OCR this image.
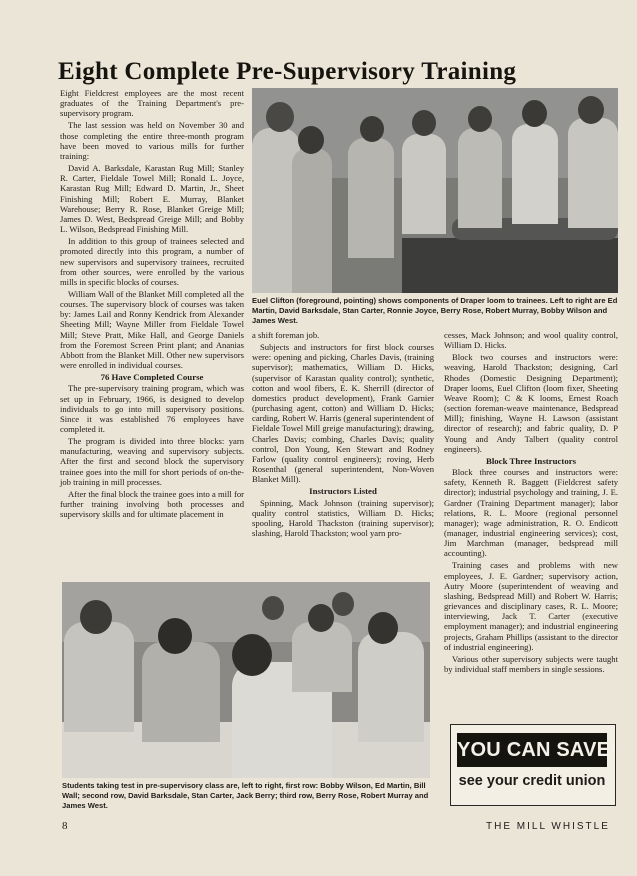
Eight Complete Pre-Supervisory Training

Eight Fieldcrest employees are the most recent graduates of the Training Department's pre-supervisory program.

The last session was held on November 30 and those completing the entire three-month program have been moved to various mills for further training:

David A. Barksdale, Karastan Rug Mill; Stanley R. Carter, Fieldale Towel Mill; Ronald L. Joyce, Karastan Rug Mill; Edward D. Martin, Jr., Sheet Finishing Mill; Robert E. Murray, Blanket Warehouse; Berry R. Rose, Blanket Greige Mill; James D. West, Bedspread Greige Mill; and Bobby L. Wilson, Bedspread Finishing Mill.

In addition to this group of trainees selected and promoted directly into this program, a number of new supervisors and supervisory trainees, recruited from other sources, were enrolled by the various mills in specific blocks of courses.

William Wall of the Blanket Mill completed all the courses. The supervisory block of courses was taken by: James Lail and Ronny Kendrick from Alexander Sheeting Mill; Wayne Miller from Fieldale Towel Mill; Steve Pratt, Mike Hall, and George Daniels from the Foremost Screen Print plant; and Ananias Abbott from the Blanket Mill. Other new supervisors were enrolled in individual courses.

76 Have Completed Course

The pre-supervisory training program, which was set up in February, 1966, is designed to develop individuals to go into mill supervisory positions. Since it was established 76 employees have completed it.

The program is divided into three blocks: yarn manufacturing, weaving and supervisory subjects. After the first and second block the supervisory trainee goes into the mill for short periods of on-the-job training in mill processes.

After the final block the trainee goes into a mill for further training involving both processes and supervisory skills and for ultimate placement in

Euel Clifton (foreground, pointing) shows components of Draper loom to trainees. Left to right are Ed Martin, David Barksdale, Stan Carter, Ronnie Joyce, Berry Rose, Robert Murray, Bobby Wilson and James West.

a shift foreman job.

Subjects and instructors for first block courses were: opening and picking, Charles Davis, (training supervisor); mathematics, William D. Hicks, (supervisor of Karastan quality control); synthetic, cotton and wool fibers, E. K. Sherrill (director of domestics product development), Frank Garnier (purchasing agent, cotton) and William D. Hicks; carding, Robert W. Harris (general superintendent of Fieldale Towel Mill greige manufacturing); drawing, Charles Davis; combing, Charles Davis; quality control, Don Young, Ken Stewart and Rodney Farlow (quality control engineers); roving, Herb Rosenthal (general superintendent, Non-Woven Blanket Mill).

Instructors Listed

Spinning, Mack Johnson (training supervisor); quality control statistics, William D. Hicks; spooling, Harold Thackston (training supervisor); slashing, Harold Thackston; wool yarn pro-

cesses, Mack Johnson; and wool quality control, William D. Hicks.

Block two courses and instructors were: weaving, Harold Thackston; designing, Carl Rhodes (Domestic Designing Department); Draper looms, Euel Clifton (loom fixer, Sheeting Weave Room); C & K looms, Ernest Roach (section foreman-weave maintenance, Bedspread Mill); finishing, Wayne H. Lawson (assistant director of research); and fabric quality, D. P Young and Andy Talbert (quality control engineers).

Block Three Instructors

Block three courses and instructors were: safety, Kenneth R. Baggett (Fieldcrest safety director); industrial psychology and training, J. E. Gardner (Training Department manager); labor relations, R. L. Moore (regional personnel manager); wage administration, R. O. Endicott (manager, industrial engineering services); cost, Jim Marchman (manager, bedspread mill accounting).

Training cases and problems with new employees, J. E. Gardner; supervisory action, Autry Moore (superintendent of weaving and slashing, Bedspread Mill) and Robert W. Harris; grievances and disciplinary cases, R. L. Moore; interviewing, Jack T. Carter (executive employment manager); and industrial engineering projects, Graham Phillips (assistant to the director of industrial engineering).

Various other supervisory subjects were taught by individual staff members in single sessions.

Students taking test in pre-supervisory class are, left to right, first row: Bobby Wilson, Ed Martin, Bill Wall; second row, David Barksdale, Stan Carter, Jack Berry; third row, Berry Rose, Robert Murray and James West.
YOU CAN SAVE!
see your credit union
8	THE MILL WHISTLE
